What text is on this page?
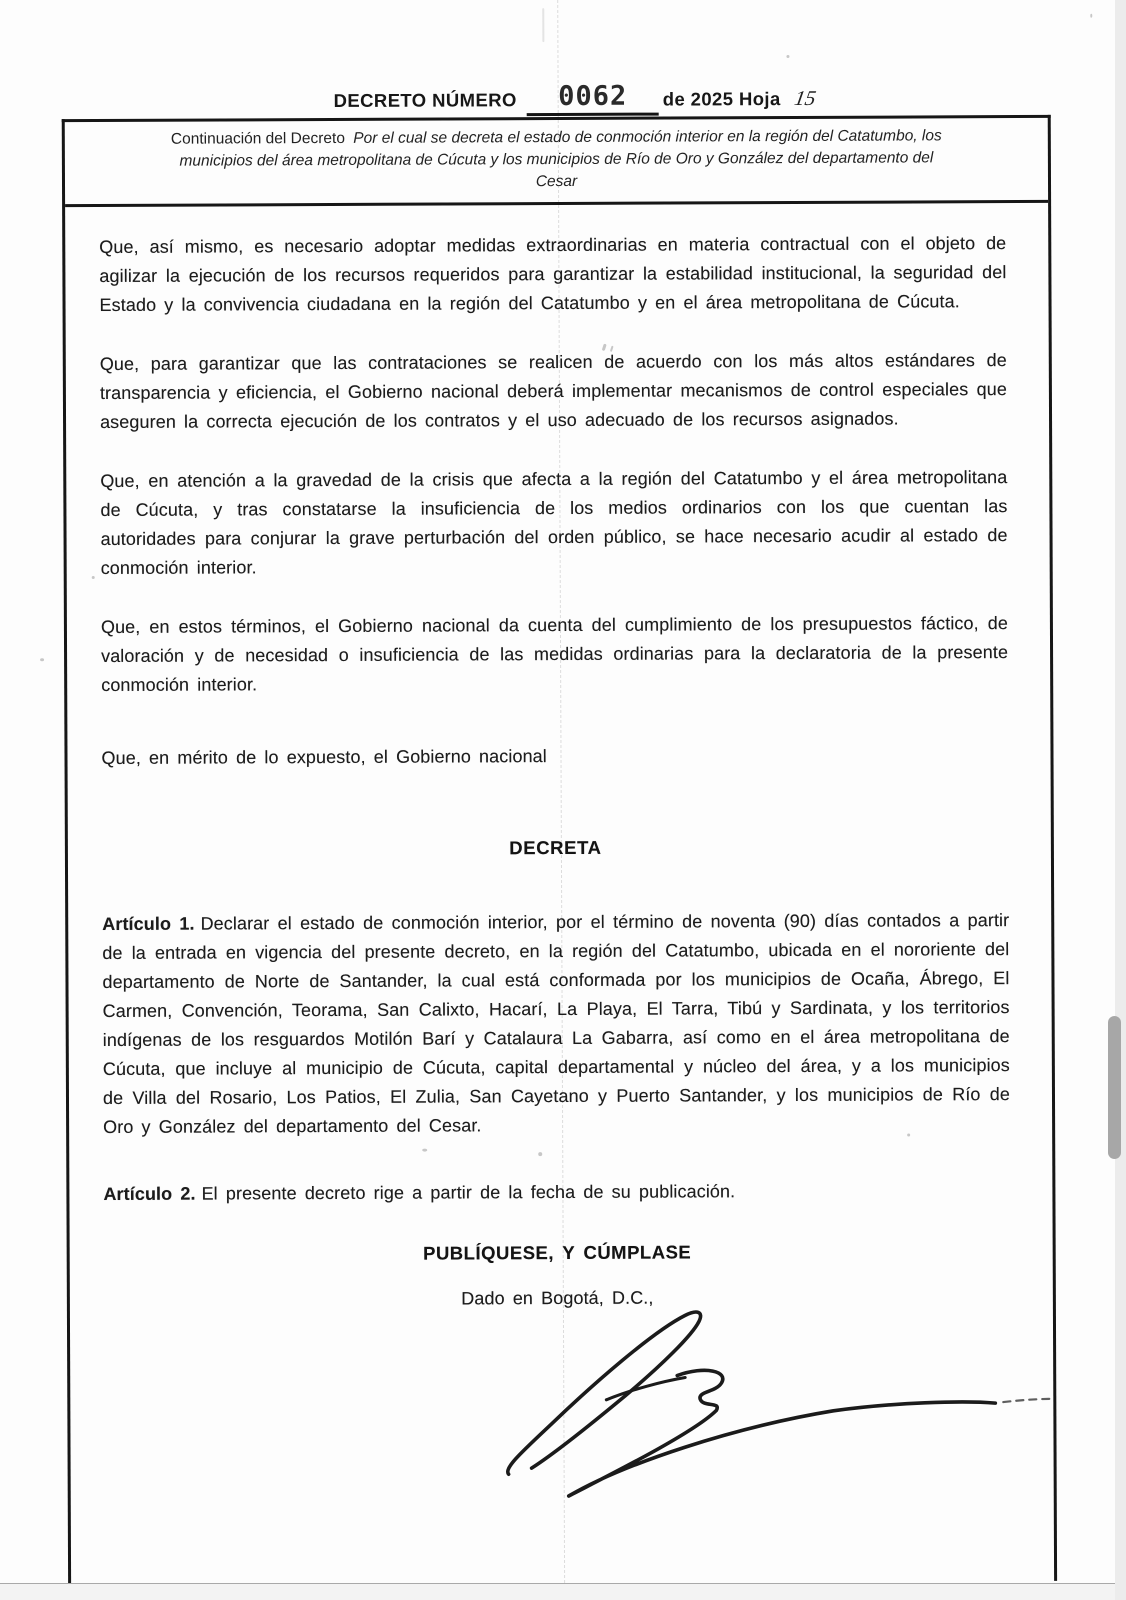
DECRETO NÚMERO	0062	de 2025 Hoja 15
Continuación del Decreto Por el cual se decreta el estado de conmoción interior en la región del Catatumbo, los municipios del área metropolitana de Cúcuta y los municipios de Río de Oro y González del departamento del Cesar

Que, así mismo, es necesario adoptar medidas extraordinarias en materia contractual con el objeto de agilizar la ejecución de los recursos requeridos para garantizar la estabilidad institucional, la seguridad del Estado y la convivencia ciudadana en la región del Catatumbo y en el área metropolitana de Cúcuta.

Que, para garantizar que las contrataciones se realicen de acuerdo con los más altos estándares de transparencia y eficiencia, el Gobierno nacional deberá implementar mecanismos de control especiales que aseguren la correcta ejecución de los contratos y el uso adecuado de los recursos asignados.

Que, en atención a la gravedad de la crisis que afecta a la región del Catatumbo y el área metropolitana de Cúcuta, y tras constatarse la insuficiencia de los medios ordinarios con los que cuentan las autoridades para conjurar la grave perturbación del orden público, se hace necesario acudir al estado de conmoción interior.

Que, en estos términos, el Gobierno nacional da cuenta del cumplimiento de los presupuestos fáctico, de valoración y de necesidad o insuficiencia de las medidas ordinarias para la declaratoria de la presente conmoción interior.

Que, en mérito de lo expuesto, el Gobierno nacional

DECRETA

Artículo 1. Declarar el estado de conmoción interior, por el término de noventa (90) días contados a partir de la entrada en vigencia del presente decreto, en la región del Catatumbo, ubicada en el nororiente del departamento de Norte de Santander, la cual está conformada por los municipios de Ocaña, Ábrego, El Carmen, Convención, Teorama, San Calixto, Hacarí, La Playa, El Tarra, Tibú y Sardinata, y los territorios indígenas de los resguardos Motilón Barí y Catalaura La Gabarra, así como en el área metropolitana de Cúcuta, que incluye al municipio de Cúcuta, capital departamental y núcleo del área, y a los municipios de Villa del Rosario, Los Patios, El Zulia, San Cayetano y Puerto Santander, y los municipios de Río de Oro y González del departamento del Cesar.

Artículo 2. El presente decreto rige a partir de la fecha de su publicación.

PUBLÍQUESE, Y CÚMPLASE
Dado en Bogotá, D.C.,
